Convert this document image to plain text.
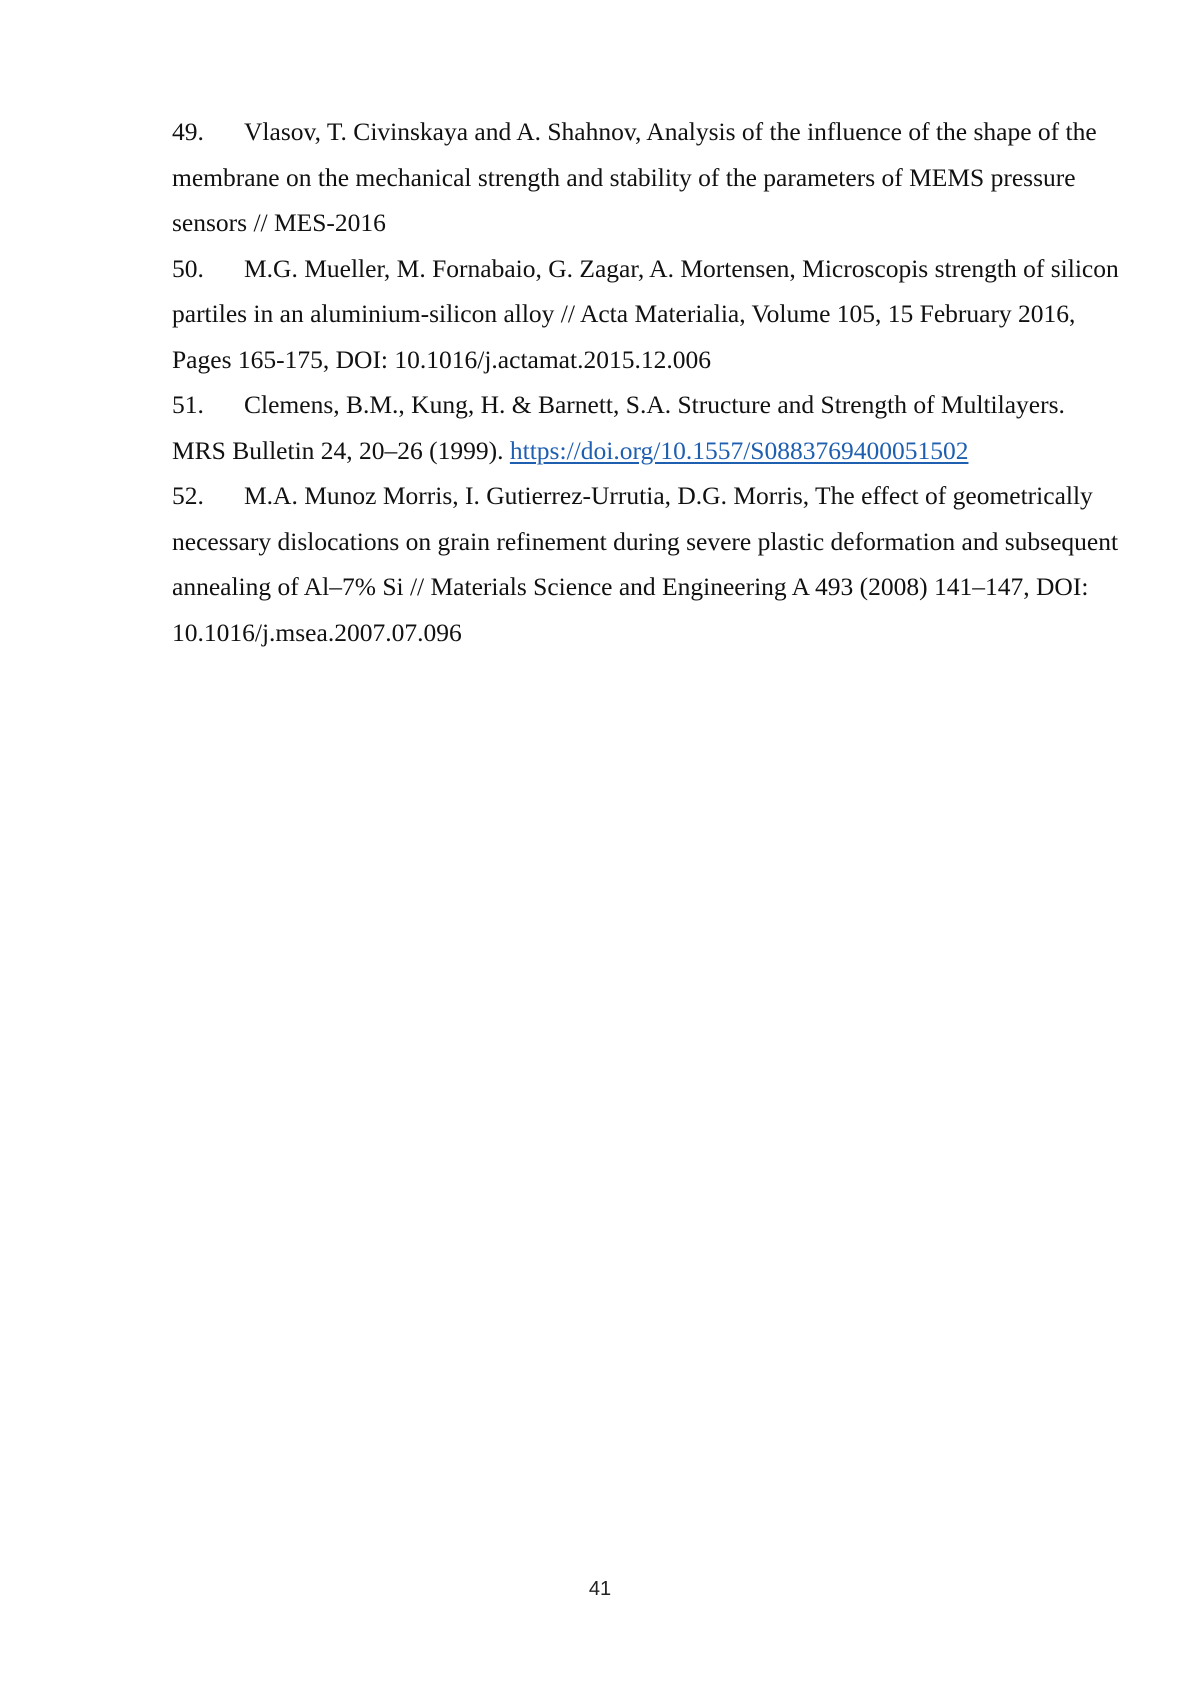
49. Vlasov, T. Civinskaya and A. Shahnov, Analysis of the influence of the shape of the membrane on the mechanical strength and stability of the parameters of MEMS pressure sensors // MES-2016

50. M.G. Mueller, M. Fornabaio, G. Zagar, A. Mortensen, Microscopis strength of silicon partiles in an aluminium-silicon alloy // Acta Materialia, Volume 105, 15 February 2016, Pages 165-175, DOI: 10.1016/j.actamat.2015.12.006

51. Clemens, B.M., Kung, H. & Barnett, S.A. Structure and Strength of Multilayers. MRS Bulletin 24, 20–26 (1999). https://doi.org/10.1557/S0883769400051502

52. M.A. Munoz Morris, I. Gutierrez-Urrutia, D.G. Morris, The effect of geometrically necessary dislocations on grain refinement during severe plastic deformation and subsequent annealing of Al–7% Si // Materials Science and Engineering A 493 (2008) 141–147, DOI: 10.1016/j.msea.2007.07.096

41
